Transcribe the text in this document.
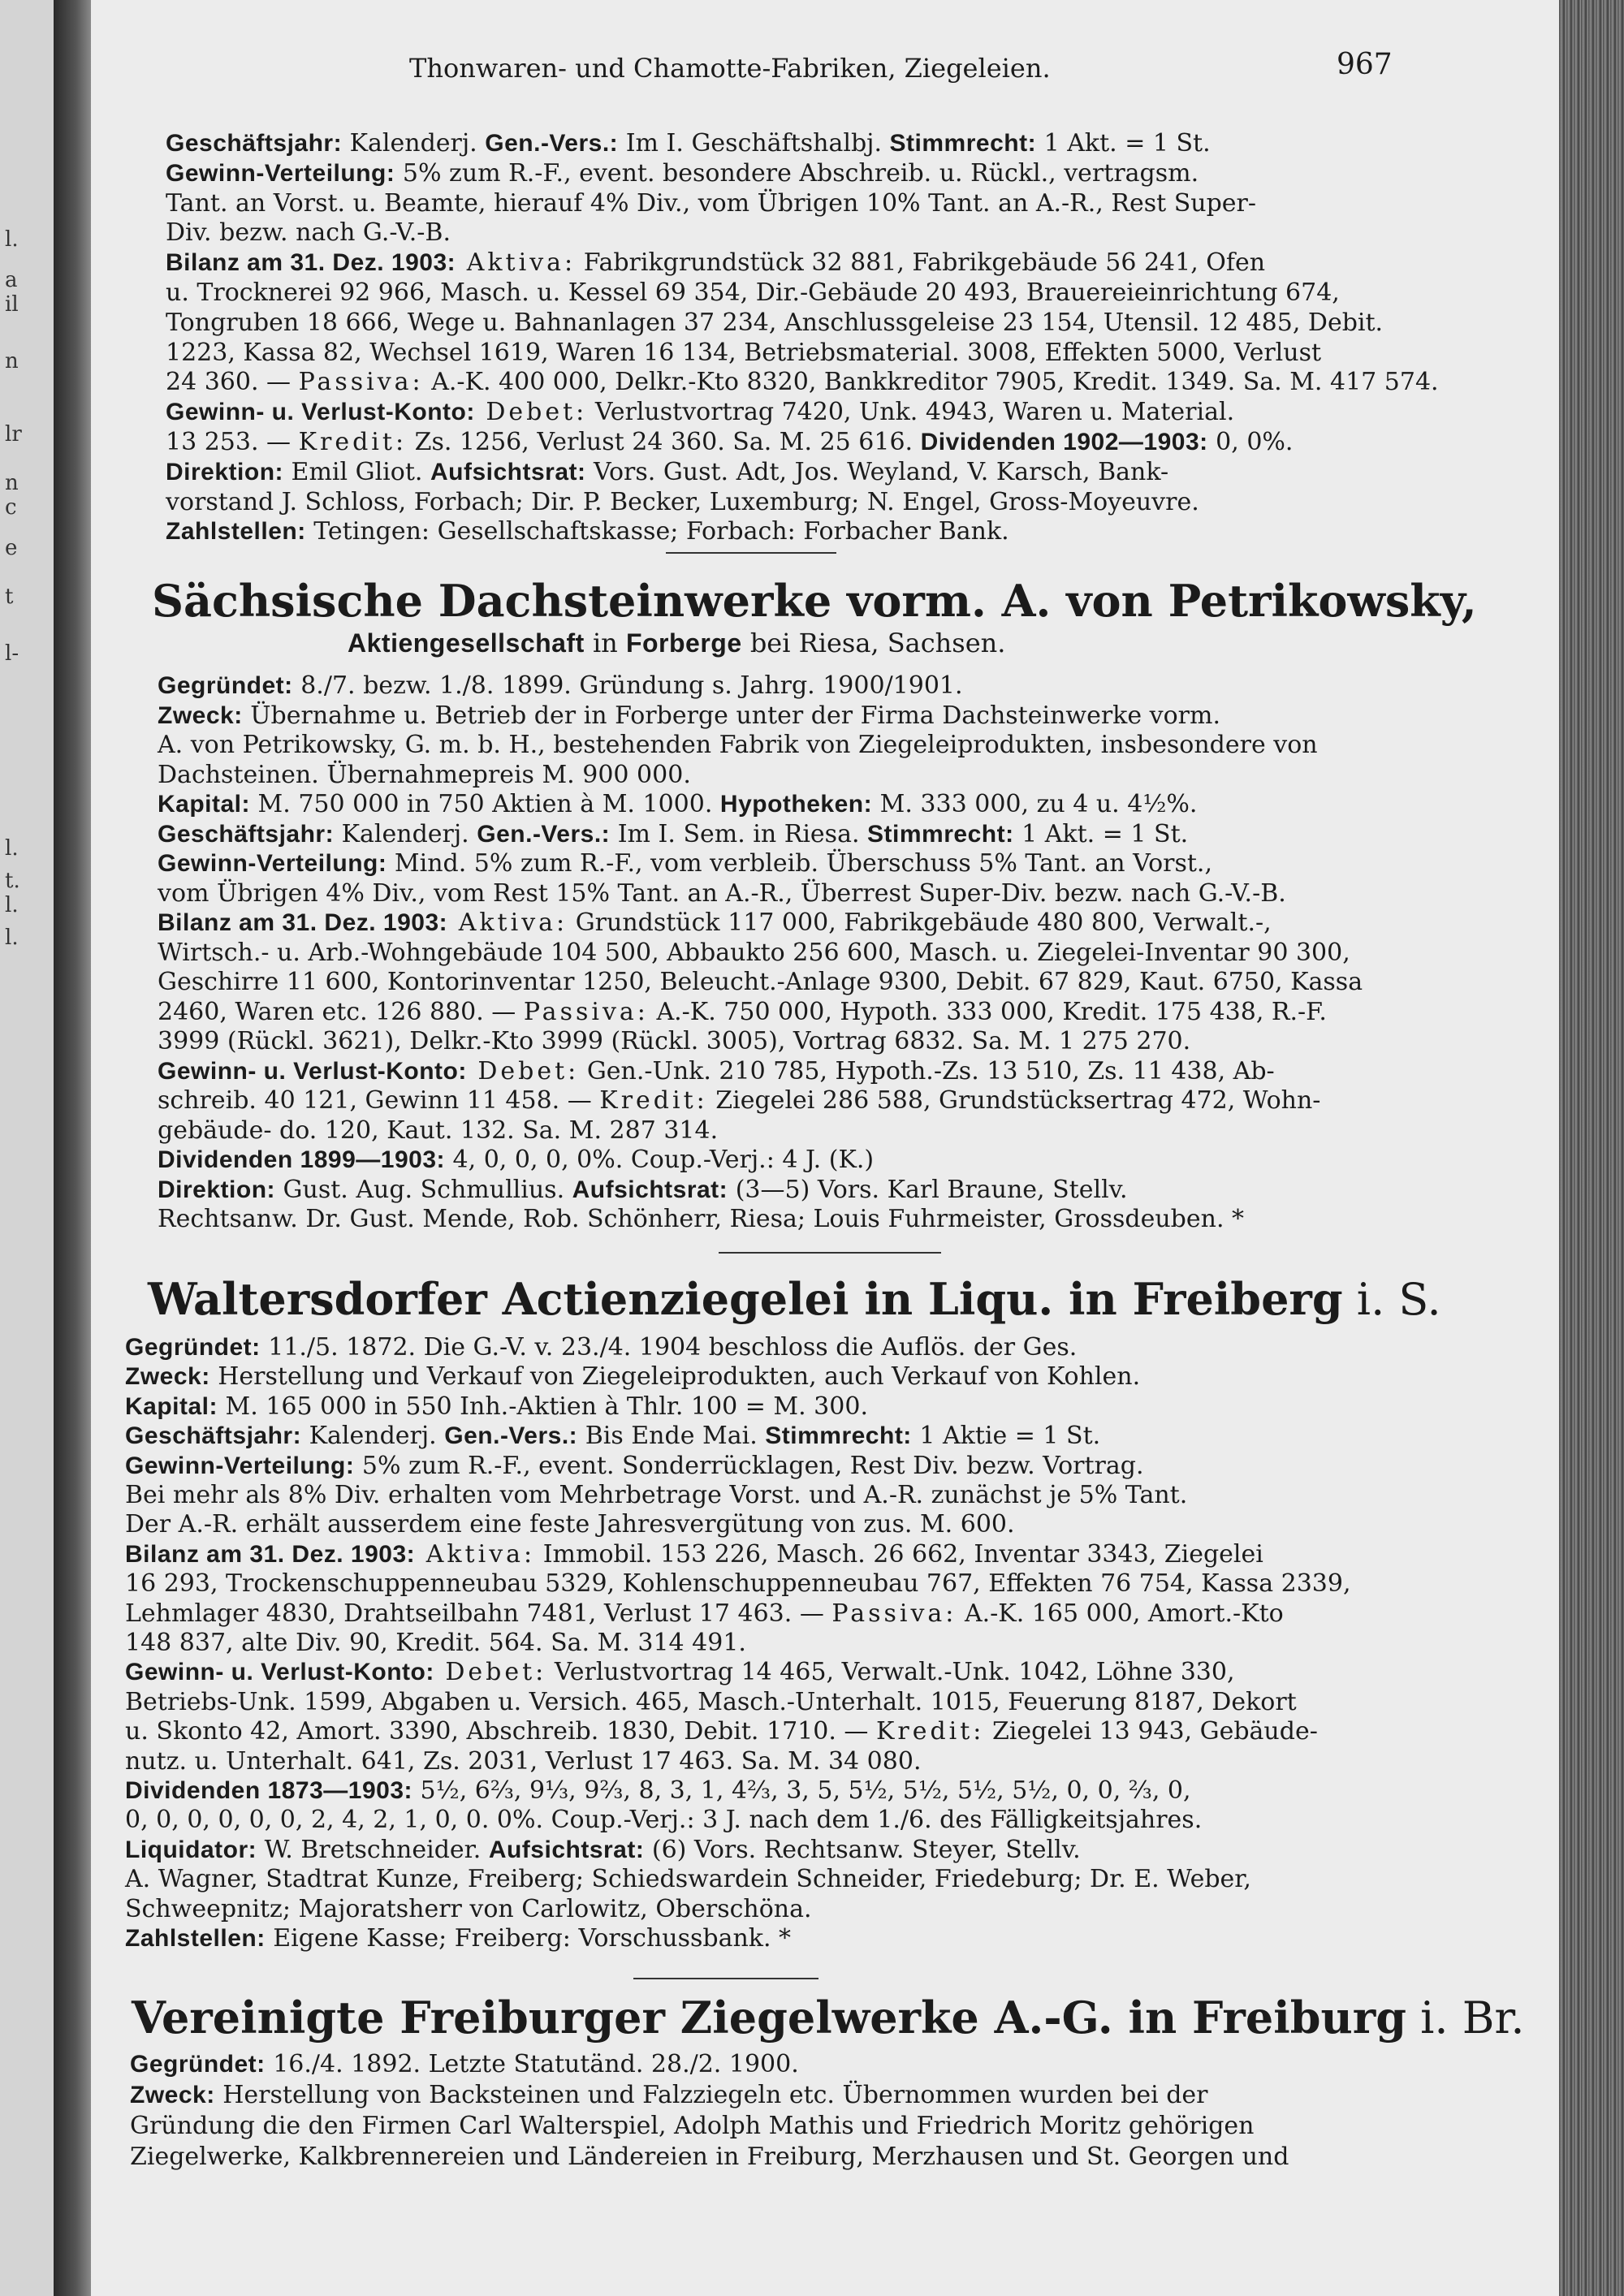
Thonwaren- und Chamotte-Fabriken, Ziegeleien.	967
Geschäftsjahr: Kalenderj. Gen.-Vers.: Im I. Geschäftshalbj. Stimmrecht: 1 Akt. = 1 St.
Gewinn-Verteilung: 5% zum R.-F., event. besondere Abschreib. u. Rückl., vertragsm.
Tant. an Vorst. u. Beamte, hierauf 4% Div., vom Übrigen 10% Tant. an A.-R., Rest Super-
Div. bezw. nach G.-V.-B.
Bilanz am 31. Dez. 1903: Aktiva: Fabrikgrundstück 32 881, Fabrikgebäude 56 241, Ofen
u. Trocknerei 92 966, Masch. u. Kessel 69 354, Dir.-Gebäude 20 493, Brauereieinrichtung 674,
Tongruben 18 666, Wege u. Bahnanlagen 37 234, Anschlussgeleise 23 154, Utensil. 12 485, Debit.
1223, Kassa 82, Wechsel 1619, Waren 16 134, Betriebsmaterial. 3008, Effekten 5000, Verlust
24 360. — Passiva: A.-K. 400 000, Delkr.-Kto 8320, Bankkreditor 7905, Kredit. 1349. Sa. M. 417 574.
Gewinn- u. Verlust-Konto: Debet: Verlustvortrag 7420, Unk. 4943, Waren u. Material.
13 253. — Kredit: Zs. 1256, Verlust 24 360. Sa. M. 25 616. Dividenden 1902—1903: 0, 0%.
Direktion: Emil Gliot. Aufsichtsrat: Vors. Gust. Adt, Jos. Weyland, V. Karsch, Bank-
vorstand J. Schloss, Forbach; Dir. P. Becker, Luxemburg; N. Engel, Gross-Moyeuvre.
Zahlstellen: Tetingen: Gesellschaftskasse; Forbach: Forbacher Bank.
Sächsische Dachsteinwerke vorm. A. von Petrikowsky,
Aktiengesellschaft in Forberge bei Riesa, Sachsen.
Gegründet: 8./7. bezw. 1./8. 1899. Gründung s. Jahrg. 1900/1901.
Zweck: Übernahme u. Betrieb der in Forberge unter der Firma Dachsteinwerke vorm.
A. von Petrikowsky, G. m. b. H., bestehenden Fabrik von Ziegeleiprodukten, insbesondere von
Dachsteinen. Übernahmepreis M. 900 000.
Kapital: M. 750 000 in 750 Aktien à M. 1000. Hypotheken: M. 333 000, zu 4 u. 4½%.
Geschäftsjahr: Kalenderj. Gen.-Vers.: Im I. Sem. in Riesa. Stimmrecht: 1 Akt. = 1 St.
Gewinn-Verteilung: Mind. 5% zum R.-F., vom verbleib. Überschuss 5% Tant. an Vorst.,
vom Übrigen 4% Div., vom Rest 15% Tant. an A.-R., Überrest Super-Div. bezw. nach G.-V.-B.
Bilanz am 31. Dez. 1903: Aktiva: Grundstück 117 000, Fabrikgebäude 480 800, Verwalt.-,
Wirtsch.- u. Arb.-Wohngebäude 104 500, Abbaukto 256 600, Masch. u. Ziegelei-Inventar 90 300,
Geschirre 11 600, Kontorinventar 1250, Beleucht.-Anlage 9300, Debit. 67 829, Kaut. 6750, Kassa
2460, Waren etc. 126 880. — Passiva: A.-K. 750 000, Hypoth. 333 000, Kredit. 175 438, R.-F.
3999 (Rückl. 3621), Delkr.-Kto 3999 (Rückl. 3005), Vortrag 6832. Sa. M. 1 275 270.
Gewinn- u. Verlust-Konto: Debet: Gen.-Unk. 210 785, Hypoth.-Zs. 13 510, Zs. 11 438, Ab-
schreib. 40 121, Gewinn 11 458. — Kredit: Ziegelei 286 588, Grundstücksertrag 472, Wohn-
gebäude- do. 120, Kaut. 132. Sa. M. 287 314.
Dividenden 1899—1903: 4, 0, 0, 0, 0%. Coup.-Verj.: 4 J. (K.)
Direktion: Gust. Aug. Schmullius. Aufsichtsrat: (3—5) Vors. Karl Braune, Stellv.
Rechtsanw. Dr. Gust. Mende, Rob. Schönherr, Riesa; Louis Fuhrmeister, Grossdeuben. *
Waltersdorfer Actienziegelei in Liqu. in Freiberg i. S.
Gegründet: 11./5. 1872. Die G.-V. v. 23./4. 1904 beschloss die Auflös. der Ges.
Zweck: Herstellung und Verkauf von Ziegeleiprodukten, auch Verkauf von Kohlen.
Kapital: M. 165 000 in 550 Inh.-Aktien à Thlr. 100 = M. 300.
Geschäftsjahr: Kalenderj. Gen.-Vers.: Bis Ende Mai. Stimmrecht: 1 Aktie = 1 St.
Gewinn-Verteilung: 5% zum R.-F., event. Sonderrücklagen, Rest Div. bezw. Vortrag.
Bei mehr als 8% Div. erhalten vom Mehrbetrage Vorst. und A.-R. zunächst je 5% Tant.
Der A.-R. erhält ausserdem eine feste Jahresvergütung von zus. M. 600.
Bilanz am 31. Dez. 1903: Aktiva: Immobil. 153 226, Masch. 26 662, Inventar 3343, Ziegelei
16 293, Trockenschuppenneubau 5329, Kohlenschuppenneubau 767, Effekten 76 754, Kassa 2339,
Lehmlager 4830, Drahtseilbahn 7481, Verlust 17 463. — Passiva: A.-K. 165 000, Amort.-Kto
148 837, alte Div. 90, Kredit. 564. Sa. M. 314 491.
Gewinn- u. Verlust-Konto: Debet: Verlustvortrag 14 465, Verwalt.-Unk. 1042, Löhne 330,
Betriebs-Unk. 1599, Abgaben u. Versich. 465, Masch.-Unterhalt. 1015, Feuerung 8187, Dekort
u. Skonto 42, Amort. 3390, Abschreib. 1830, Debit. 1710. — Kredit: Ziegelei 13 943, Gebäude-
nutz. u. Unterhalt. 641, Zs. 2031, Verlust 17 463. Sa. M. 34 080.
Dividenden 1873—1903: 5½, 6⅔, 9⅓, 9⅔, 8, 3, 1, 4⅔, 3, 5, 5½, 5½, 5½, 5½, 0, 0, ⅔, 0,
0, 0, 0, 0, 0, 0, 2, 4, 2, 1, 0, 0. 0%. Coup.-Verj.: 3 J. nach dem 1./6. des Fälligkeitsjahres.
Liquidator: W. Bretschneider. Aufsichtsrat: (6) Vors. Rechtsanw. Steyer, Stellv.
A. Wagner, Stadtrat Kunze, Freiberg; Schiedswardein Schneider, Friedeburg; Dr. E. Weber,
Schweepnitz; Majoratsherr von Carlowitz, Oberschöna.
Zahlstellen: Eigene Kasse; Freiberg: Vorschussbank. *
Vereinigte Freiburger Ziegelwerke A.-G. in Freiburg i. Br.
Gegründet: 16./4. 1892. Letzte Statutänd. 28./2. 1900.
Zweck: Herstellung von Backsteinen und Falzziegeln etc. Übernommen wurden bei der
Gründung die den Firmen Carl Walterspiel, Adolph Mathis und Friedrich Moritz gehörigen
Ziegelwerke, Kalkbrennereien und Ländereien in Freiburg, Merzhausen und St. Georgen und
l.
a
il
n
lr
n
c
e
t
l-
l.
t.
l.
l.
